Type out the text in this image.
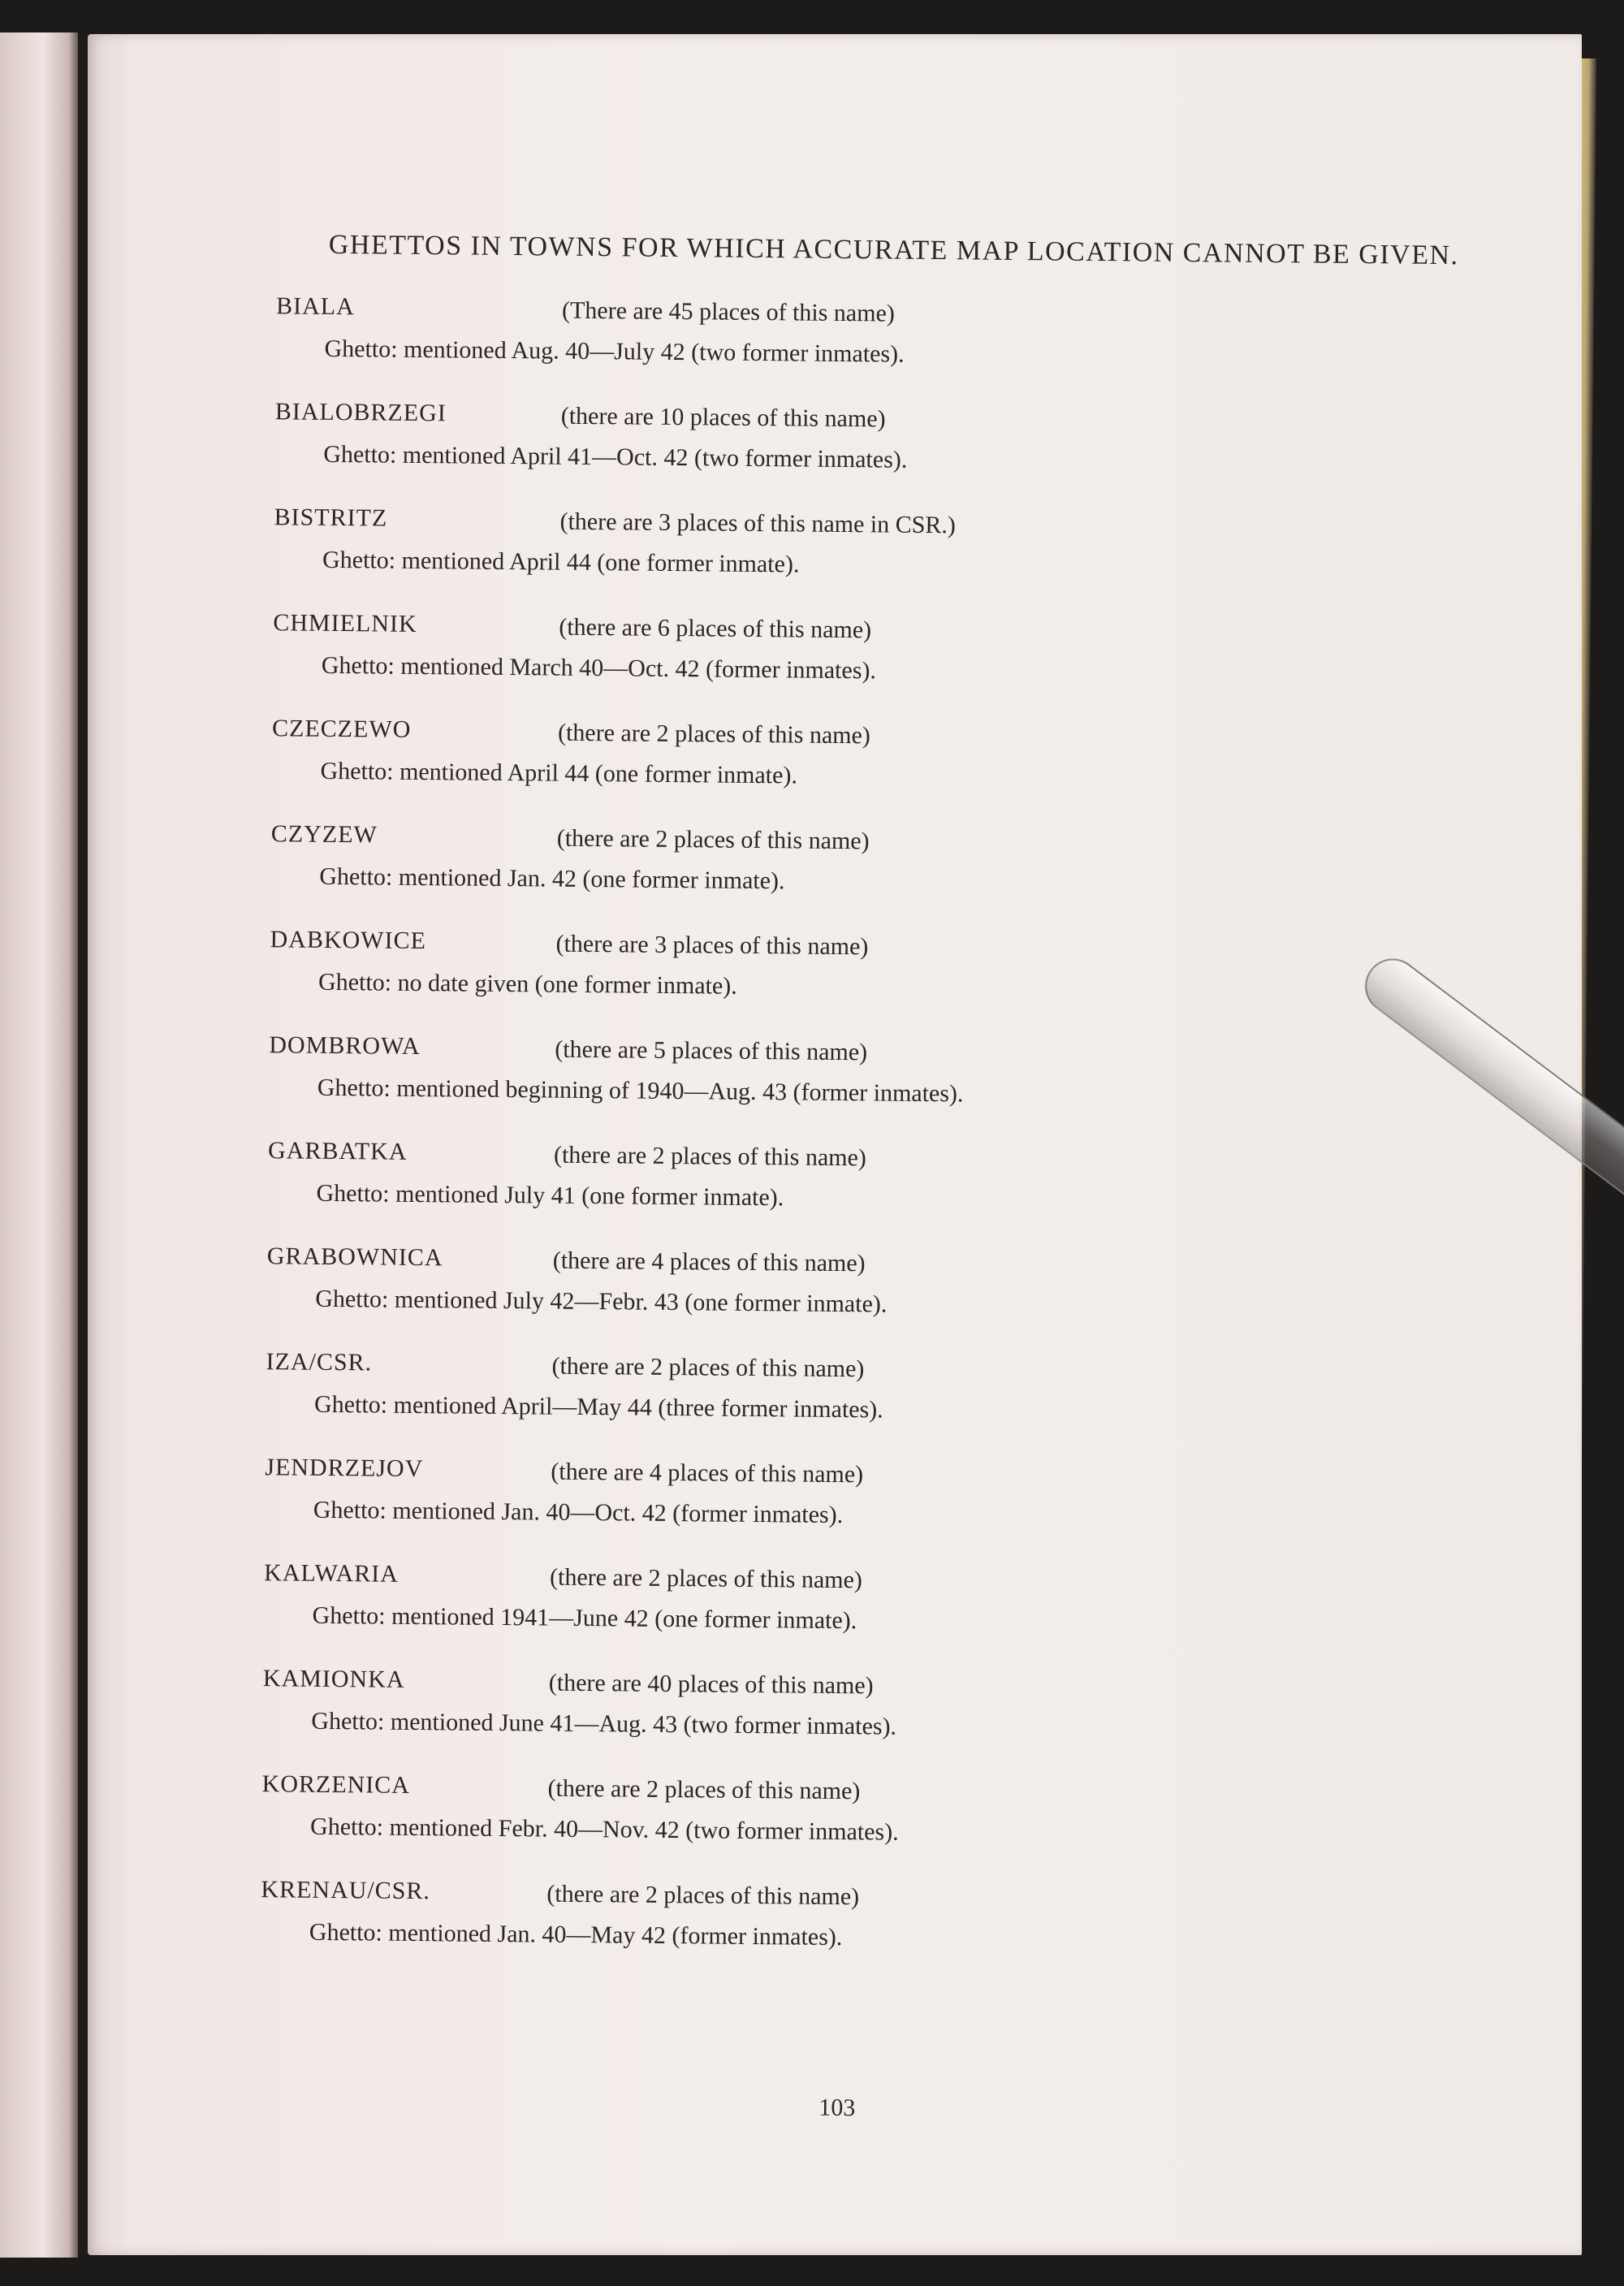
GHETTOS IN TOWNS FOR WHICH ACCURATE MAP LOCATION CANNOT BE GIVEN.
BIALA	(There are 45 places of this name)
Ghetto: mentioned Aug. 40—July 42 (two former inmates).
BIALOBRZEGI	(there are 10 places of this name)
Ghetto: mentioned April 41—Oct. 42 (two former inmates).
BISTRITZ	(there are 3 places of this name in CSR.)
Ghetto: mentioned April 44 (one former inmate).
CHMIELNIK	(there are 6 places of this name)
Ghetto: mentioned March 40—Oct. 42 (former inmates).
CZECZEWO	(there are 2 places of this name)
Ghetto: mentioned April 44 (one former inmate).
CZYZEW	(there are 2 places of this name)
Ghetto: mentioned Jan. 42 (one former inmate).
DABKOWICE	(there are 3 places of this name)
Ghetto: no date given (one former inmate).
DOMBROWA	(there are 5 places of this name)
Ghetto: mentioned beginning of 1940—Aug. 43 (former inmates).
GARBATKA	(there are 2 places of this name)
Ghetto: mentioned July 41 (one former inmate).
GRABOWNICA	(there are 4 places of this name)
Ghetto: mentioned July 42—Febr. 43 (one former inmate).
IZA/CSR.	(there are 2 places of this name)
Ghetto: mentioned April—May 44 (three former inmates).
JENDRZEJOV	(there are 4 places of this name)
Ghetto: mentioned Jan. 40—Oct. 42 (former inmates).
KALWARIA	(there are 2 places of this name)
Ghetto: mentioned 1941—June 42 (one former inmate).
KAMIONKA	(there are 40 places of this name)
Ghetto: mentioned June 41—Aug. 43 (two former inmates).
KORZENICA	(there are 2 places of this name)
Ghetto: mentioned Febr. 40—Nov. 42 (two former inmates).
KRENAU/CSR.	(there are 2 places of this name)
Ghetto: mentioned Jan. 40—May 42 (former inmates).
103
